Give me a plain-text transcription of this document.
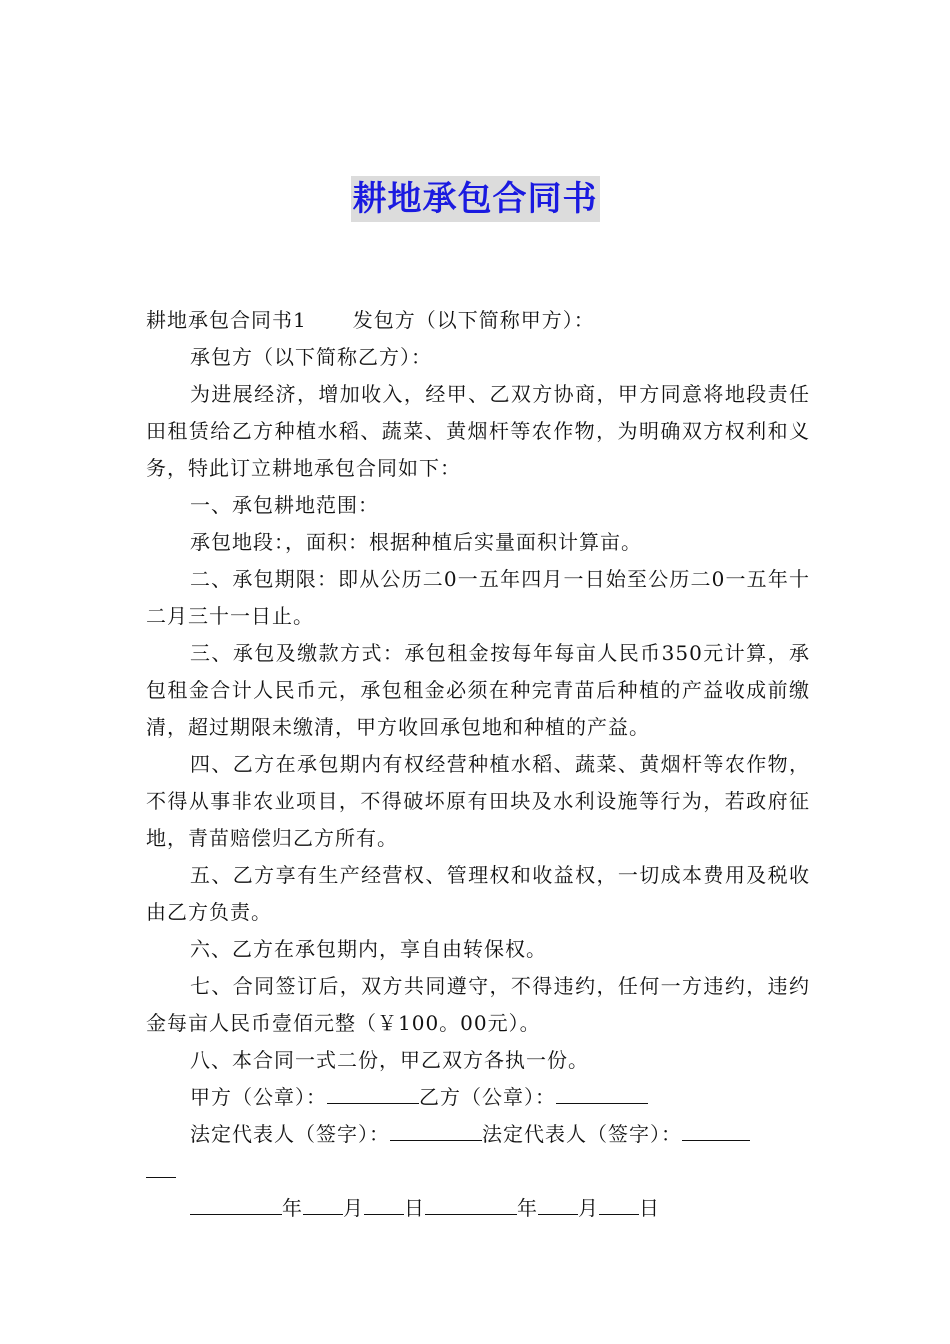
耕地承包合同书

耕地承包合同书1 发包方（以下简称甲方）：

承包方（以下简称乙方）：

为进展经济，增加收入，经甲、乙双方协商，甲方同意将地段责任田租赁给乙方种植水稻、蔬菜、黄烟杆等农作物，为明确双方权利和义务，特此订立耕地承包合同如下：

一、承包耕地范围：

承包地段：，面积：根据种植后实量面积计算亩。

二、承包期限：即从公历二0一五年四月一日始至公历二0一五年十二月三十一日止。

三、承包及缴款方式：承包租金按每年每亩人民币350元计算，承包租金合计人民币元，承包租金必须在种完青苗后种植的产益收成前缴清，超过期限未缴清，甲方收回承包地和种植的产益。

四、乙方在承包期内有权经营种植水稻、蔬菜、黄烟杆等农作物，不得从事非农业项目，不得破坏原有田块及水利设施等行为，若政府征地，青苗赔偿归乙方所有。

五、乙方享有生产经营权、管理权和收益权，一切成本费用及税收由乙方负责。

六、乙方在承包期内，享自由转保权。

七、合同签订后，双方共同遵守，不得违约，任何一方违约，违约金每亩人民币壹佰元整（￥100。00元）。

八、本合同一式二份，甲乙双方各执一份。

甲方（公章）：	乙方（公章）：

法定代表人（签字）：	法定代表人（签字）：

年 月 日	年 月 日
